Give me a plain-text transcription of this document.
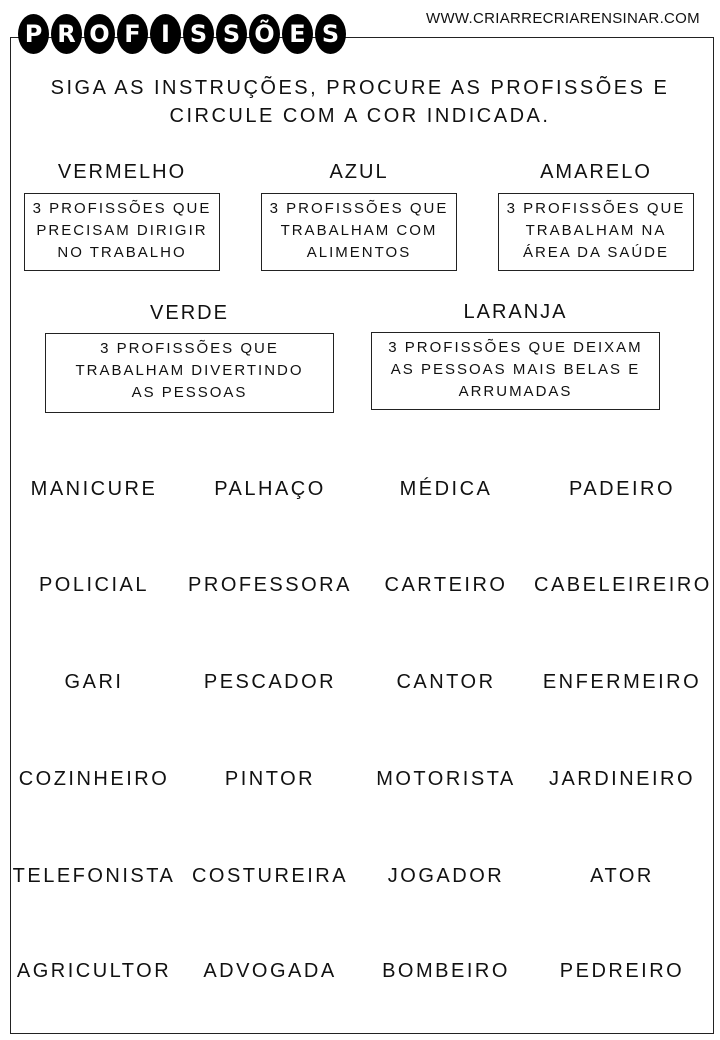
P R O F I S S Õ E S
WWW.CRIARRECRIARENSINAR.COM
SIGA AS INSTRUÇÕES, PROCURE AS PROFISSÕES E
CIRCULE COM A COR INDICADA.
VERMELHO
3 PROFISSÕES QUE
PRECISAM DIRIGIR
NO TRABALHO
AZUL
3 PROFISSÕES QUE
TRABALHAM COM
ALIMENTOS
AMARELO
3 PROFISSÕES QUE
TRABALHAM NA
ÁREA DA SAÚDE
VERDE
3 PROFISSÕES QUE
TRABALHAM DIVERTINDO
AS PESSOAS
LARANJA
3 PROFISSÕES QUE DEIXAM
AS PESSOAS MAIS BELAS E
ARRUMADAS
MANICURE	PALHAÇO	MÉDICA	PADEIRO
POLICIAL	PROFESSORA	CARTEIRO	CABELEIREIRO
GARI	PESCADOR	CANTOR	ENFERMEIRO
COZINHEIRO	PINTOR	MOTORISTA	JARDINEIRO
TELEFONISTA COSTUREIRA	JOGADOR	ATOR
AGRICULTOR	ADVOGADA	BOMBEIRO	PEDREIRO
